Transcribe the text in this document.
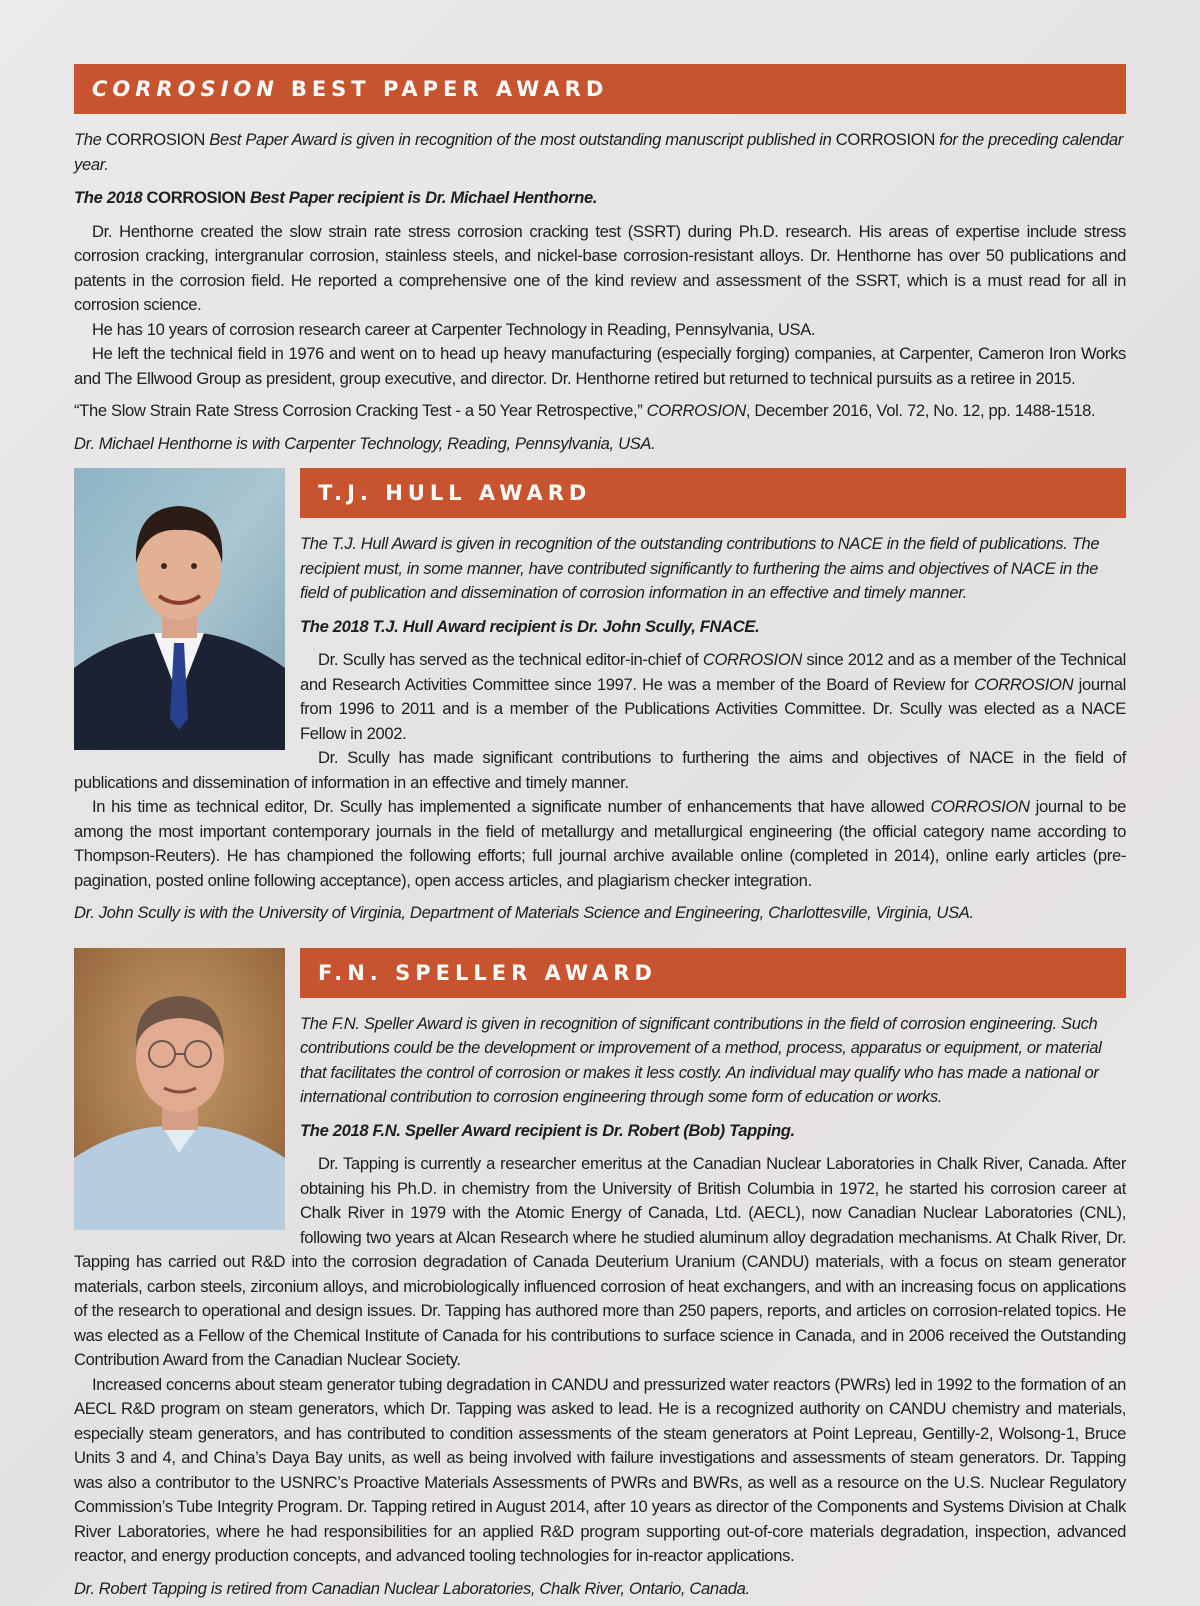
CORROSION BEST PAPER AWARD

The CORROSION Best Paper Award is given in recognition of the most outstanding manuscript published in CORROSION for the preceding calendar year.

The 2018 CORROSION Best Paper recipient is Dr. Michael Henthorne.

Dr. Henthorne created the slow strain rate stress corrosion cracking test (SSRT) during Ph.D. research. His areas of expertise include stress corrosion cracking, intergranular corrosion, stainless steels, and nickel-base corrosion-resistant alloys. Dr. Henthorne has over 50 publications and patents in the corrosion field. He reported a comprehensive one of the kind review and assessment of the SSRT, which is a must read for all in corrosion science.

He has 10 years of corrosion research career at Carpenter Technology in Reading, Pennsylvania, USA.

He left the technical field in 1976 and went on to head up heavy manufacturing (especially forging) companies, at Carpenter, Cameron Iron Works and The Ellwood Group as president, group executive, and director. Dr. Henthorne retired but returned to technical pursuits as a retiree in 2015.

“The Slow Strain Rate Stress Corrosion Cracking Test - a 50 Year Retrospective,” CORROSION, December 2016, Vol. 72, No. 12, pp. 1488-1518.

Dr. Michael Henthorne is with Carpenter Technology, Reading, Pennsylvania, USA.

T.J. HULL AWARD

The T.J. Hull Award is given in recognition of the outstanding contributions to NACE in the field of publications. The recipient must, in some manner, have contributed significantly to furthering the aims and objectives of NACE in the field of publication and dissemination of corrosion information in an effective and timely manner.

The 2018 T.J. Hull Award recipient is Dr. John Scully, FNACE.

Dr. Scully has served as the technical editor-in-chief of CORROSION since 2012 and as a member of the Technical and Research Activities Committee since 1997. He was a member of the Board of Review for CORROSION journal from 1996 to 2011 and is a member of the Publications Activities Committee. Dr. Scully was elected as a NACE Fellow in 2002.

Dr. Scully has made significant contributions to furthering the aims and objectives of NACE in the field of publications and dissemination of information in an effective and timely manner.

In his time as technical editor, Dr. Scully has implemented a significate number of enhancements that have allowed CORROSION journal to be among the most important contemporary journals in the field of metallurgy and metallurgical engineering (the official category name according to Thompson-Reuters). He has championed the following efforts; full journal archive available online (completed in 2014), online early articles (pre-pagination, posted online following acceptance), open access articles, and plagiarism checker integration.

Dr. John Scully is with the University of Virginia, Department of Materials Science and Engineering, Charlottesville, Virginia, USA.

F.N. SPELLER AWARD

The F.N. Speller Award is given in recognition of significant contributions in the field of corrosion engineering. Such contributions could be the development or improvement of a method, process, apparatus or equipment, or material that facilitates the control of corrosion or makes it less costly. An individual may qualify who has made a national or international contribution to corrosion engineering through some form of education or works.

The 2018 F.N. Speller Award recipient is Dr. Robert (Bob) Tapping.

Dr. Tapping is currently a researcher emeritus at the Canadian Nuclear Laboratories in Chalk River, Canada. After obtaining his Ph.D. in chemistry from the University of British Columbia in 1972, he started his corrosion career at Chalk River in 1979 with the Atomic Energy of Canada, Ltd. (AECL), now Canadian Nuclear Laboratories (CNL), following two years at Alcan Research where he studied aluminum alloy degradation mechanisms. At Chalk River, Dr. Tapping has carried out R&D into the corrosion degradation of Canada Deuterium Uranium (CANDU) materials, with a focus on steam generator materials, carbon steels, zirconium alloys, and microbiologically influenced corrosion of heat exchangers, and with an increasing focus on applications of the research to operational and design issues. Dr. Tapping has authored more than 250 papers, reports, and articles on corrosion-related topics. He was elected as a Fellow of the Chemical Institute of Canada for his contributions to surface science in Canada, and in 2006 received the Outstanding Contribution Award from the Canadian Nuclear Society.

Increased concerns about steam generator tubing degradation in CANDU and pressurized water reactors (PWRs) led in 1992 to the formation of an AECL R&D program on steam generators, which Dr. Tapping was asked to lead. He is a recognized authority on CANDU chemistry and materials, especially steam generators, and has contributed to condition assessments of the steam generators at Point Lepreau, Gentilly-2, Wolsong-1, Bruce Units 3 and 4, and China’s Daya Bay units, as well as being involved with failure investigations and assessments of steam generators. Dr. Tapping was also a contributor to the USNRC’s Proactive Materials Assessments of PWRs and BWRs, as well as a resource on the U.S. Nuclear Regulatory Commission’s Tube Integrity Program. Dr. Tapping retired in August 2014, after 10 years as director of the Components and Systems Division at Chalk River Laboratories, where he had responsibilities for an applied R&D program supporting out-of-core materials degradation, inspection, advanced reactor, and energy production concepts, and advanced tooling technologies for in-reactor applications.

Dr. Robert Tapping is retired from Canadian Nuclear Laboratories, Chalk River, Ontario, Canada.
